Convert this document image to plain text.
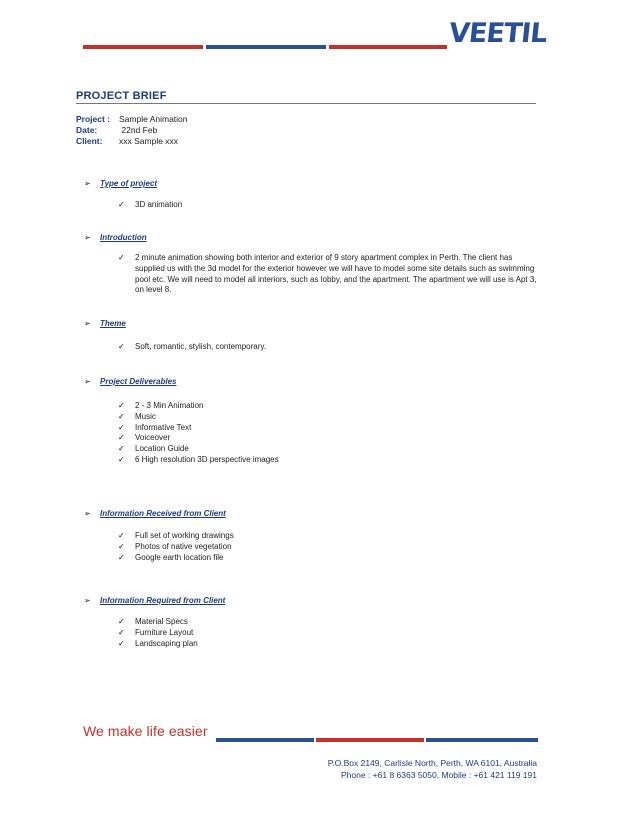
VEETIL
PROJECT BRIEF
Project :	Sample Animation
Date:	22nd Feb
Client:	xxx Sample xxx
➢	Type of project
✓	3D animation
➢	Introduction
✓	2 minute animation showing both interior and exterior of 9 story apartment complex in Perth. The client has supplied us with the 3d model for the exterior however we will have to model some site details such as swimming pool etc. We will need to model all interiors, such as lobby, and the apartment. The apartment we will use is Apt 3, on level 8.
➢	Theme
✓	Soft, romantic, stylish, contemporary.
➢	Project Deliverables
✓	2 - 3 Min Animation
✓	Music
✓	Informative Text
✓	Voiceover
✓	Location Guide
✓	6 High resolution 3D perspective images
➢	Information Received from Client
✓	Full set of working drawings
✓	Photos of native vegetation
✓	Google earth location file
➢	Information Required from Client
✓	Material Specs
✓	Furniture Layout
✓	Landscaping plan
We make life easier
P.O.Box 2149, Carlisle North, Perth, WA 6101, Australia
Phone : +61 8 6363 5050, Mobile : +61 421 119 191
